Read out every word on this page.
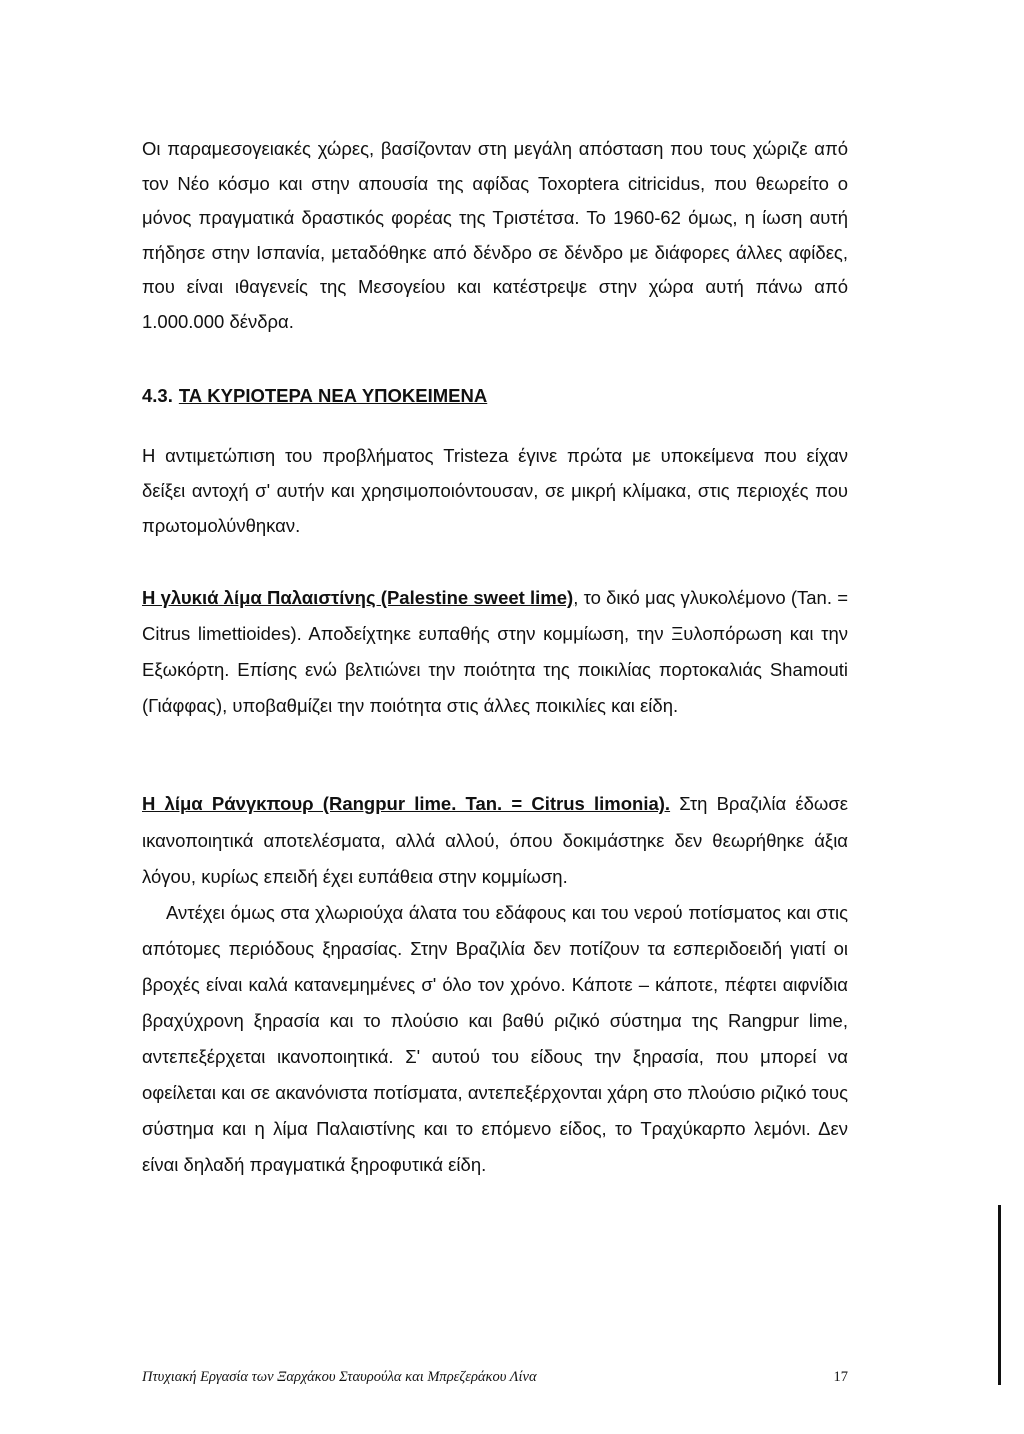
Οι παραμεσογειακές χώρες, βασίζονταν στη μεγάλη απόσταση που τους χώριζε από τον Νέο κόσμο και στην απουσία της αφίδας Toxoptera citricidus, που θεωρείτο ο μόνος πραγματικά δραστικός φορέας της Τριστέτσα. Το 1960-62 όμως, η ίωση αυτή πήδησε στην Ισπανία, μεταδόθηκε από δένδρο σε δένδρο με διάφορες άλλες αφίδες, που είναι ιθαγενείς της Μεσογείου και κατέστρεψε στην χώρα αυτή πάνω από 1.000.000 δένδρα.

4.3. ΤΑ ΚΥΡΙΟΤΕΡΑ ΝΕΑ ΥΠΟΚΕΙΜΕΝΑ

Η αντιμετώπιση του προβλήματος Tristeza έγινε πρώτα με υποκείμενα που είχαν δείξει αντοχή σ' αυτήν και χρησιμοποιόντουσαν, σε μικρή κλίμακα, στις περιοχές που πρωτομολύνθηκαν.

Η γλυκιά λίμα Παλαιστίνης (Palestine sweet lime), το δικό μας γλυκολέμονο (Tan. = Citrus limettioides). Αποδείχτηκε ευπαθής στην κομμίωση, την Ξυλοπόρωση και την Εξωκόρτη. Επίσης ενώ βελτιώνει την ποιότητα της ποικιλίας πορτοκαλιάς Shamouti (Γιάφφας), υποβαθμίζει την ποιότητα στις άλλες ποικιλίες και είδη.

Η λίμα Ράνγκπουρ (Rangpur lime. Tan. = Citrus limonia). Στη Βραζιλία έδωσε ικανοποιητικά αποτελέσματα, αλλά αλλού, όπου δοκιμάστηκε δεν θεωρήθηκε άξια λόγου, κυρίως επειδή έχει ευπάθεια στην κομμίωση.

Αντέχει όμως στα χλωριούχα άλατα του εδάφους και του νερού ποτίσματος και στις απότομες περιόδους ξηρασίας. Στην Βραζιλία δεν ποτίζουν τα εσπεριδοειδή γιατί οι βροχές είναι καλά κατανεμημένες σ' όλο τον χρόνο. Κάποτε – κάποτε, πέφτει αιφνίδια βραχύχρονη ξηρασία και το πλούσιο και βαθύ ριζικό σύστημα της Rangpur lime, αντεπεξέρχεται ικανοποιητικά. Σ' αυτού του είδους την ξηρασία, που μπορεί να οφείλεται και σε ακανόνιστα ποτίσματα, αντεπεξέρχονται χάρη στο πλούσιο ριζικό τους σύστημα και η λίμα Παλαιστίνης και το επόμενο είδος, το Τραχύκαρπο λεμόνι. Δεν είναι δηλαδή πραγματικά ξηροφυτικά είδη.

Πτυχιακή Εργασία των Ξαρχάκου Σταυρούλα και Μπρεζεράκου Λίνα	17
